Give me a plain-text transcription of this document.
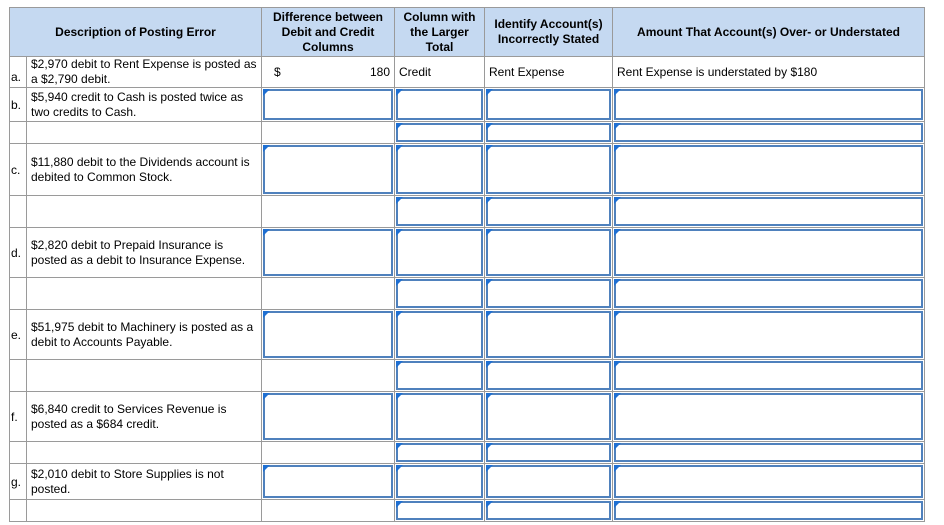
Description of Posting Error		Difference between Debit and Credit Columns	Column with the Larger Total	Identify Account(s) Incorrectly Stated	Amount That Account(s) Over- or Understated
a.	$2,970 debit to Rent Expense is posted as a $2,790 debit.	$ 180	Credit	Rent Expense	Rent Expense is understated by $180
b.	$5,940 credit to Cash is posted twice as two credits to Cash.	

c.	$11,880 debit to the Dividends account is debited to Common Stock.	

d.	$2,820 debit to Prepaid Insurance is posted as a debit to Insurance Expense.	

e.	$51,975 debit to Machinery is posted as a debit to Accounts Payable.	

f.	$6,840 credit to Services Revenue is posted as a $684 credit.	

g.	$2,010 debit to Store Supplies is not posted.	
